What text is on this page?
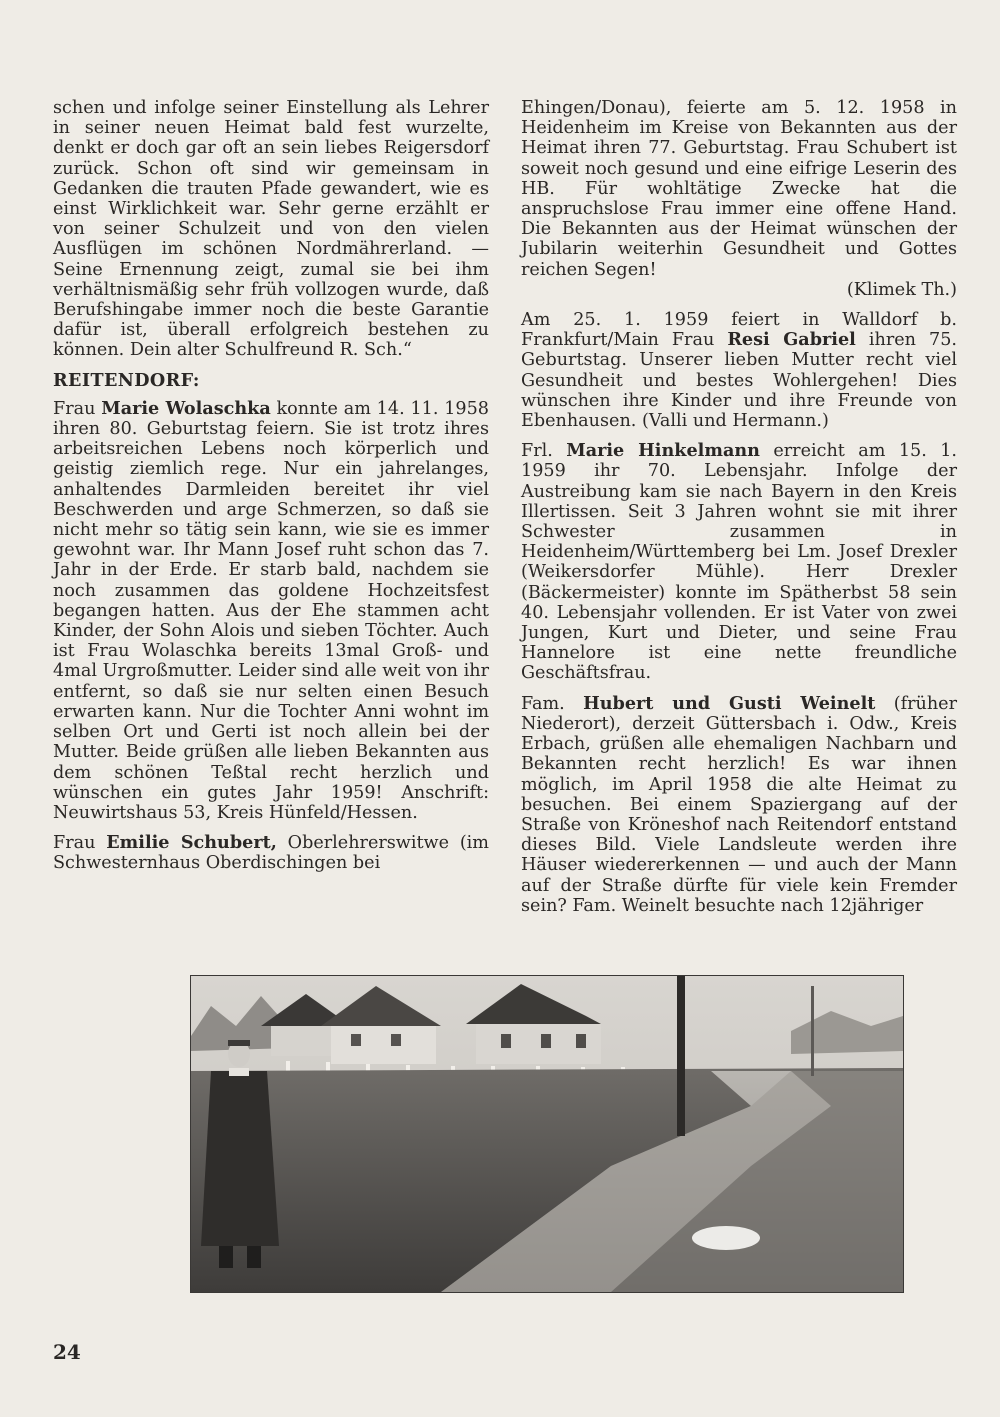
schen und infolge seiner Einstellung als Lehrer in seiner neuen Heimat bald fest wurzelte, denkt er doch gar oft an sein liebes Reigersdorf zurück. Schon oft sind wir gemeinsam in Gedanken die trauten Pfade gewandert, wie es einst Wirklichkeit war. Sehr gerne erzählt er von seiner Schulzeit und von den vielen Ausflügen im schönen Nordmährerland. — Seine Ernennung zeigt, zumal sie bei ihm verhältnismäßig sehr früh vollzogen wurde, daß Berufshingabe immer noch die beste Garantie dafür ist, überall erfolgreich bestehen zu können. Dein alter Schulfreund R. Sch.“

REITENDORF:

Frau Marie Wolaschka konnte am 14. 11. 1958 ihren 80. Geburtstag feiern. Sie ist trotz ihres arbeitsreichen Lebens noch körperlich und geistig ziemlich rege. Nur ein jahrelanges, anhaltendes Darmleiden bereitet ihr viel Beschwerden und arge Schmerzen, so daß sie nicht mehr so tätig sein kann, wie sie es immer gewohnt war. Ihr Mann Josef ruht schon das 7. Jahr in der Erde. Er starb bald, nachdem sie noch zusammen das goldene Hochzeitsfest begangen hatten. Aus der Ehe stammen acht Kinder, der Sohn Alois und sieben Töchter. Auch ist Frau Wolaschka bereits 13mal Groß- und 4mal Urgroßmutter. Leider sind alle weit von ihr entfernt, so daß sie nur selten einen Besuch erwarten kann. Nur die Tochter Anni wohnt im selben Ort und Gerti ist noch allein bei der Mutter. Beide grüßen alle lieben Bekannten aus dem schönen Teßtal recht herzlich und wünschen ein gutes Jahr 1959! Anschrift: Neuwirtshaus 53, Kreis Hünfeld/Hessen.

Frau Emilie Schubert, Oberlehrerswitwe (im Schwesternhaus Oberdischingen bei

Ehingen/Donau), feierte am 5. 12. 1958 in Heidenheim im Kreise von Bekannten aus der Heimat ihren 77. Geburtstag. Frau Schubert ist soweit noch gesund und eine eifrige Leserin des HB. Für wohltätige Zwecke hat die anspruchslose Frau immer eine offene Hand. Die Bekannten aus der Heimat wünschen der Jubilarin weiterhin Gesundheit und Gottes reichen Segen!

(Klimek Th.)

Am 25. 1. 1959 feiert in Walldorf b. Frankfurt/Main Frau Resi Gabriel ihren 75. Geburtstag. Unserer lieben Mutter recht viel Gesundheit und bestes Wohlergehen! Dies wünschen ihre Kinder und ihre Freunde von Ebenhausen. (Valli und Hermann.)

Frl. Marie Hinkelmann erreicht am 15. 1. 1959 ihr 70. Lebensjahr. Infolge der Austreibung kam sie nach Bayern in den Kreis Illertissen. Seit 3 Jahren wohnt sie mit ihrer Schwester zusammen in Heidenheim/Württemberg bei Lm. Josef Drexler (Weikersdorfer Mühle). Herr Drexler (Bäckermeister) konnte im Spätherbst 58 sein 40. Lebensjahr vollenden. Er ist Vater von zwei Jungen, Kurt und Dieter, und seine Frau Hannelore ist eine nette freundliche Geschäftsfrau.

Fam. Hubert und Gusti Weinelt (früher Niederort), derzeit Güttersbach i. Odw., Kreis Erbach, grüßen alle ehemaligen Nachbarn und Bekannten recht herzlich! Es war ihnen möglich, im April 1958 die alte Heimat zu besuchen. Bei einem Spaziergang auf der Straße von Kröneshof nach Reitendorf entstand dieses Bild. Viele Landsleute werden ihre Häuser wiedererkennen — und auch der Mann auf der Straße dürfte für viele kein Fremder sein? Fam. Weinelt besuchte nach 12jähriger

24
